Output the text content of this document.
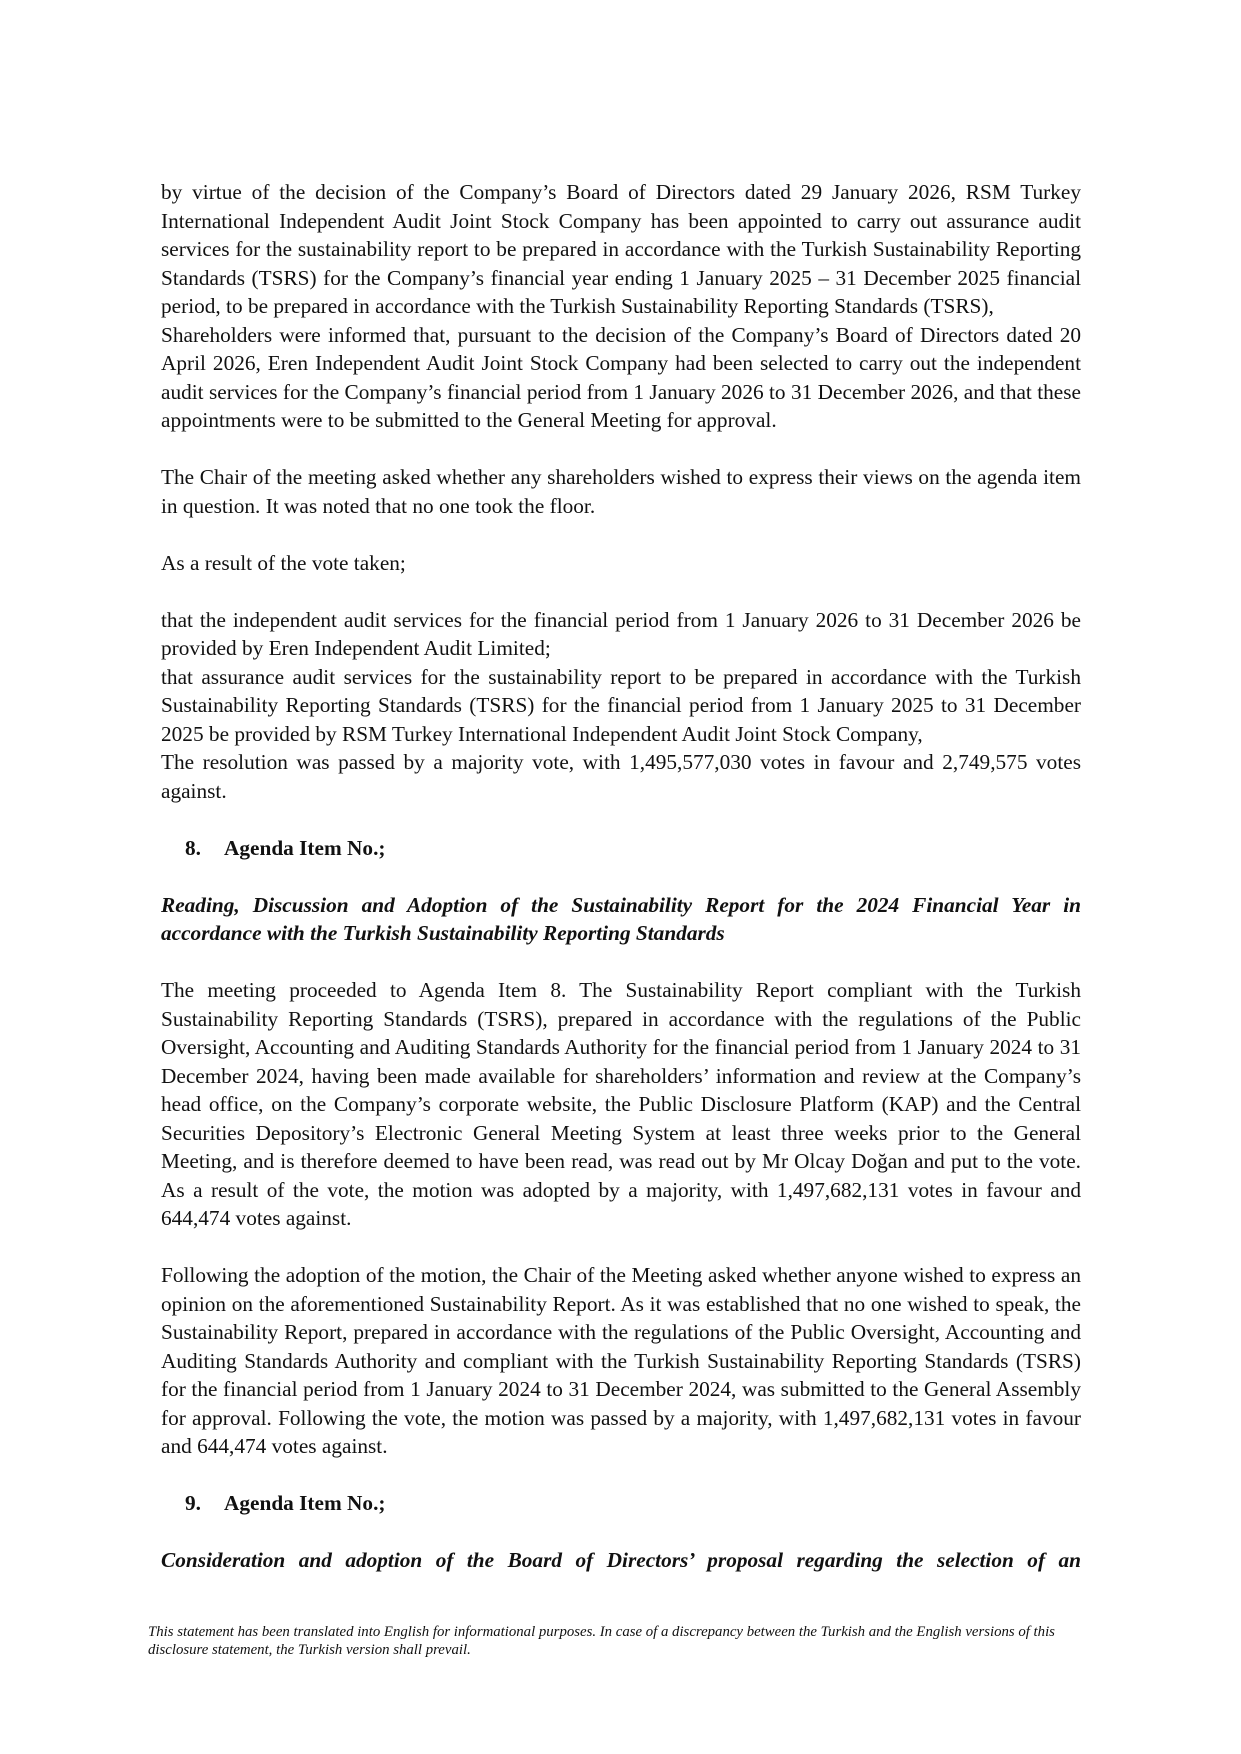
by virtue of the decision of the Company’s Board of Directors dated 29 January 2026, RSM Turkey International Independent Audit Joint Stock Company has been appointed to carry out assurance audit services for the sustainability report to be prepared in accordance with the Turkish Sustainability Reporting Standards (TSRS) for the Company’s financial year ending 1 January 2025 – 31 December 2025 financial period, to be prepared in accordance with the Turkish Sustainability Reporting Standards (TSRS),

Shareholders were informed that, pursuant to the decision of the Company’s Board of Directors dated 20 April 2026, Eren Independent Audit Joint Stock Company had been selected to carry out the independent audit services for the Company’s financial period from 1 January 2026 to 31 December 2026, and that these appointments were to be submitted to the General Meeting for approval.

The Chair of the meeting asked whether any shareholders wished to express their views on the agenda item in question. It was noted that no one took the floor.

As a result of the vote taken;

that the independent audit services for the financial period from 1 January 2026 to 31 December 2026 be provided by Eren Independent Audit Limited;

that assurance audit services for the sustainability report to be prepared in accordance with the Turkish Sustainability Reporting Standards (TSRS) for the financial period from 1 January 2025 to 31 December 2025 be provided by RSM Turkey International Independent Audit Joint Stock Company,

The resolution was passed by a majority vote, with 1,495,577,030 votes in favour and 2,749,575 votes against.

8.	Agenda Item No.;

Reading, Discussion and Adoption of the Sustainability Report for the 2024 Financial Year in accordance with the Turkish Sustainability Reporting Standards

The meeting proceeded to Agenda Item 8. The Sustainability Report compliant with the Turkish Sustainability Reporting Standards (TSRS), prepared in accordance with the regulations of the Public Oversight, Accounting and Auditing Standards Authority for the financial period from 1 January 2024 to 31 December 2024, having been made available for shareholders’ information and review at the Company’s head office, on the Company’s corporate website, the Public Disclosure Platform (KAP) and the Central Securities Depository’s Electronic General Meeting System at least three weeks prior to the General Meeting, and is therefore deemed to have been read, was read out by Mr Olcay Doğan and put to the vote. As a result of the vote, the motion was adopted by a majority, with 1,497,682,131 votes in favour and 644,474 votes against.

Following the adoption of the motion, the Chair of the Meeting asked whether anyone wished to express an opinion on the aforementioned Sustainability Report. As it was established that no one wished to speak, the Sustainability Report, prepared in accordance with the regulations of the Public Oversight, Accounting and Auditing Standards Authority and compliant with the Turkish Sustainability Reporting Standards (TSRS) for the financial period from 1 January 2024 to 31 December 2024, was submitted to the General Assembly for approval. Following the vote, the motion was passed by a majority, with 1,497,682,131 votes in favour and 644,474 votes against.

9.	Agenda Item No.;

Consideration and adoption of the Board of Directors’ proposal regarding the selection of an

This statement has been translated into English for informational purposes. In case of a discrepancy between the Turkish and the English versions of this disclosure statement, the Turkish version shall prevail.
